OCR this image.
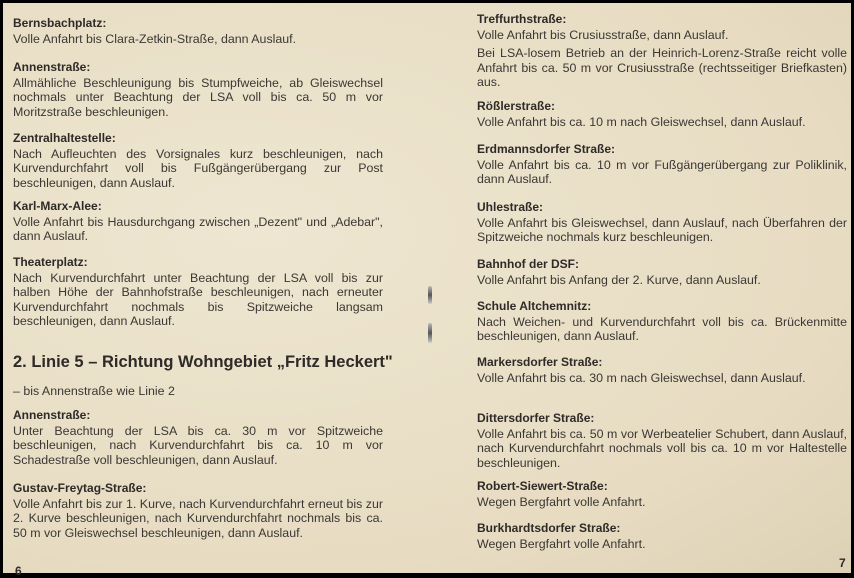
Bernsbachplatz:

Volle Anfahrt bis Clara-Zetkin-Straße, dann Auslauf.

Annenstraße:

Allmähliche Beschleunigung bis Stumpfweiche, ab Gleiswechsel nochmals unter Beachtung der LSA voll bis ca. 50 m vor Moritzstraße beschleunigen.

Zentralhaltestelle:

Nach Aufleuchten des Vorsignales kurz beschleunigen, nach Kurvendurchfahrt voll bis Fußgängerübergang zur Post beschleunigen, dann Auslauf.

Karl-Marx-Alee:

Volle Anfahrt bis Hausdurchgang zwischen „Dezent" und „Adebar", dann Auslauf.

Theaterplatz:

Nach Kurvendurchfahrt unter Beachtung der LSA voll bis zur halben Höhe der Bahnhofstraße beschleunigen, nach erneuter Kurvendurchfahrt nochmals bis Spitzweiche langsam beschleunigen, dann Auslauf.

2. Linie 5 – Richtung Wohngebiet „Fritz Heckert"
– bis Annenstraße wie Linie 2
Annenstraße:

Unter Beachtung der LSA bis ca. 30 m vor Spitzweiche beschleunigen, nach Kurvendurchfahrt bis ca. 10 m vor Schadestraße voll beschleunigen, dann Auslauf.

Gustav-Freytag-Straße:

Volle Anfahrt bis zur 1. Kurve, nach Kurvendurchfahrt erneut bis zur 2. Kurve beschleunigen, nach Kurvendurchfahrt nochmals bis ca. 50 m vor Gleiswechsel beschleunigen, dann Auslauf.

6
Treffurthstraße:

Volle Anfahrt bis Crusiusstraße, dann Auslauf.

Bei LSA-losem Betrieb an der Heinrich-Lorenz-Straße reicht volle Anfahrt bis ca. 50 m vor Crusiusstraße (rechtsseitiger Briefkasten) aus.

Rößlerstraße:

Volle Anfahrt bis ca. 10 m nach Gleiswechsel, dann Auslauf.

Erdmannsdorfer Straße:

Volle Anfahrt bis ca. 10 m vor Fußgängerübergang zur Poliklinik, dann Auslauf.

Uhlestraße:

Volle Anfahrt bis Gleiswechsel, dann Auslauf, nach Überfahren der Spitzweiche nochmals kurz beschleunigen.

Bahnhof der DSF:

Volle Anfahrt bis Anfang der 2. Kurve, dann Auslauf.

Schule Altchemnitz:

Nach Weichen- und Kurvendurchfahrt voll bis ca. Brückenmitte beschleunigen, dann Auslauf.

Markersdorfer Straße:

Volle Anfahrt bis ca. 30 m nach Gleiswechsel, dann Auslauf.

Dittersdorfer Straße:

Volle Anfahrt bis ca. 50 m vor Werbeatelier Schubert, dann Auslauf, nach Kurvendurchfahrt nochmals voll bis ca. 10 m vor Haltestelle beschleunigen.

Robert-Siewert-Straße:

Wegen Bergfahrt volle Anfahrt.

Burkhardtsdorfer Straße:

Wegen Bergfahrt volle Anfahrt.

7
